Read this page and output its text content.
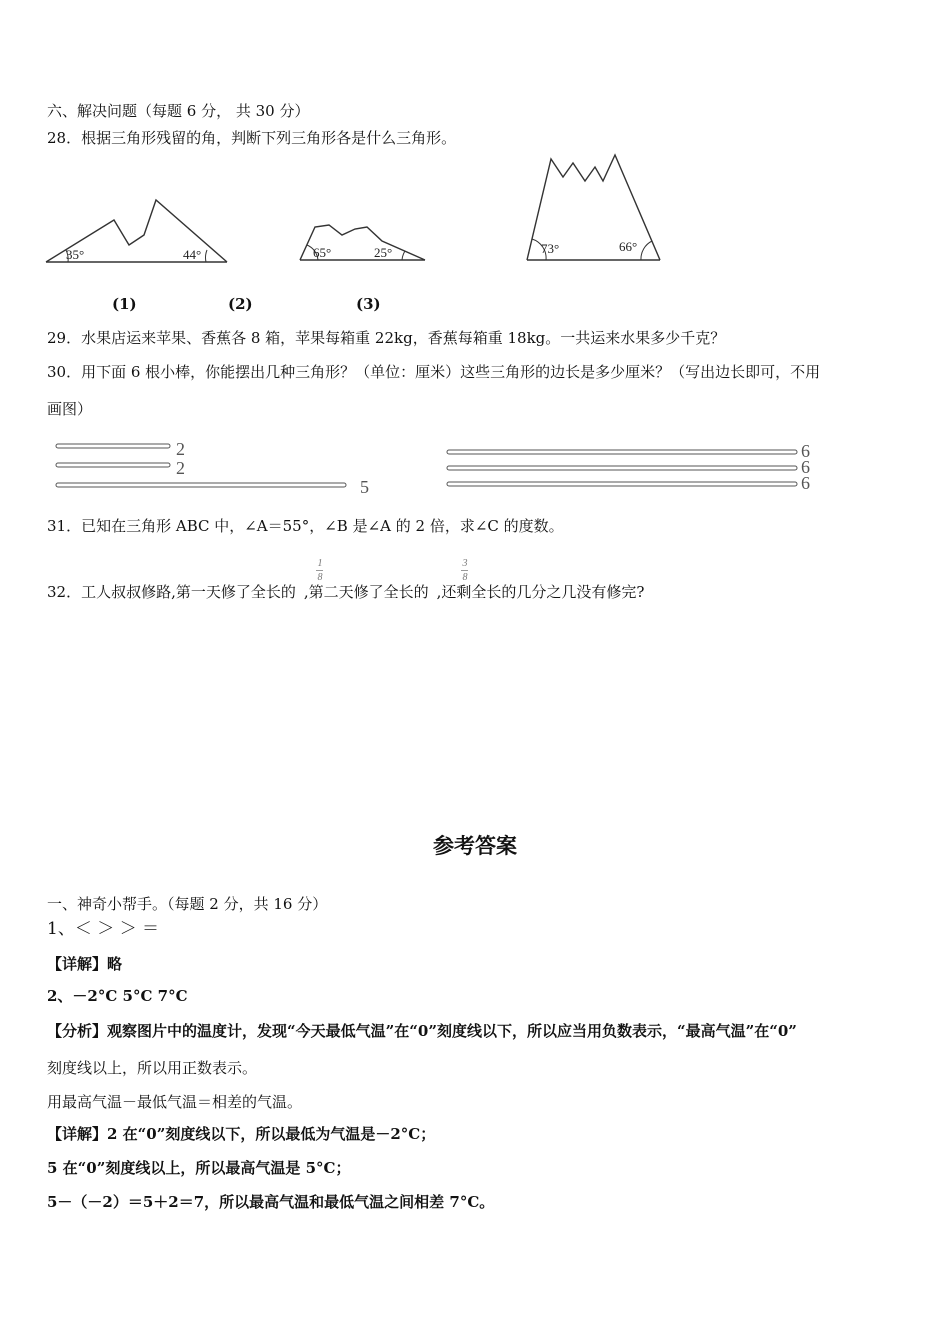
六、解决问题（每题 6 分， 共 30 分）
28．根据三角形残留的角，判断下列三角形各是什么三角形。
35°	44°	65°	25°	73°	66°
(1)	(2)	(3)
29．水果店运来苹果、香蕉各 8 箱，苹果每箱重 22kg，香蕉每箱重 18kg。一共运来水果多少千克？
30．用下面 6 根小棒，你能摆出几种三角形？（单位：厘米）这些三角形的边长是多少厘米？（写出边长即可，不用
画图）
2
2
5
6
6
6
31．已知在三角形 ABC 中，∠A＝55°，∠B 是∠A 的 2 倍，求∠C 的度数。
32．工人叔叔修路,第一天修了全长的 ,第二天修了全长的 ,还剩全长的几分之几没有修完?
1
8
3
8
参考答案
一、神奇小帮手。（每题 2 分，共 16 分）
1、＜ ＞ ＞ ＝
【详解】略
2、－2°C 5°C 7°C
【分析】观察图片中的温度计，发现“今天最低气温”在“0”刻度线以下，所以应当用负数表示，“最高气温”在“0”
刻度线以上，所以用正数表示。
用最高气温－最低气温＝相差的气温。
【详解】2 在“0”刻度线以下，所以最低为气温是－2°C；
5 在“0”刻度线以上，所以最高气温是 5°C；
5－（－2）＝5＋2＝7，所以最高气温和最低气温之间相差 7°C。
